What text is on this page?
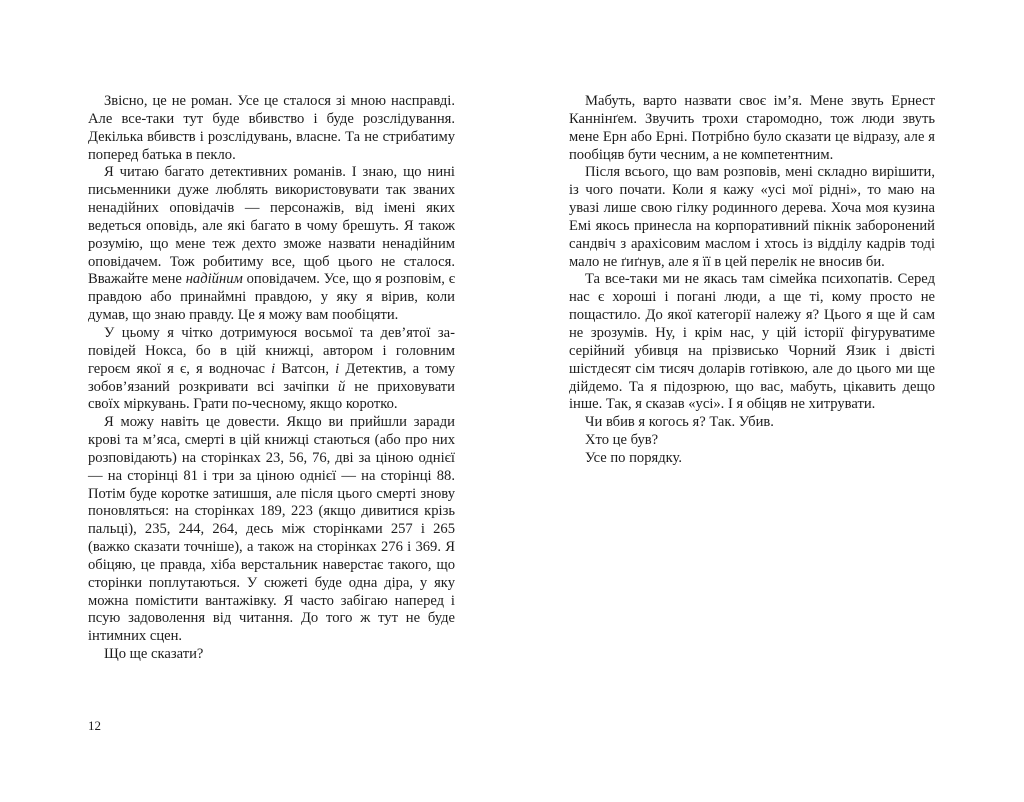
Звісно, це не роман. Усе це сталося зі мною насправді. Але все-таки тут буде вбивство і буде розслідування. Декілька вбивств і розслідувань, власне. Та не стрибатиму поперед батька в пекло.

Я читаю багато детективних романів. І знаю, що нині письменники дуже люблять використовувати так званих ненадійних оповідачів — персонажів, від імені яких ведеться оповідь, але які багато в чому брешуть. Я також розумію, що мене теж дехто зможе назвати ненадійним оповідачем. Тож робитиму все, щоб цього не сталося. Вважайте мене надійним оповідачем. Усе, що я розповім, є правдою або принаймні правдою, у яку я вірив, коли думав, що знаю правду. Це я можу вам пообіцяти.

У цьому я чітко дотримуюся восьмої та дев’ятої заповідей Нокса, бо в цій книжці, автором і головним героєм якої я є, я водночас і Ватсон, і Детектив, а тому зобов’язаний розкривати всі зачіпки й не приховувати своїх міркувань. Грати по-чесному, якщо коротко.

Я можу навіть це довести. Якщо ви прийшли заради крові та м’яса, смерті в цій книжці стаються (або про них розповідають) на сторінках 23, 56, 76, дві за ціною однієї — на сторінці 81 і три за ціною однієї — на сторінці 88. Потім буде коротке затишшя, але після цього смерті знову поновляться: на сторінках 189, 223 (якщо дивитися крізь пальці), 235, 244, 264, десь між сторінками 257 і 265 (важко сказати точніше), а також на сторінках 276 і 369. Я обіцяю, це правда, хіба верстальник наверстає такого, що сторінки поплутаються. У сюжеті буде одна діра, у яку можна помістити вантажівку. Я часто забігаю наперед і псую задоволення від читання. До того ж тут не буде інтимних сцен.

Що ще сказати?

12

Мабуть, варто назвати своє ім’я. Мене звуть Ернест Каннінґем. Звучить трохи старомодно, тож люди звуть мене Ерн або Ерні. Потрібно було сказати це відразу, але я пообіцяв бути чесним, а не компетентним.

Після всього, що вам розповів, мені складно вирішити, із чого почати. Коли я кажу «усі мої рідні», то маю на увазі лише свою гілку родинного дерева. Хоча моя кузина Емі якось принесла на корпоративний пікнік заборонений сандвіч з арахісовим маслом і хтось із відділу кадрів тоді мало не ґиґнув, але я її в цей перелік не вносив би.

Та все-таки ми не якась там сімейка психопатів. Серед нас є хороші і погані люди, а ще ті, кому просто не пощастило. До якої категорії належу я? Цього я ще й сам не зрозумів. Ну, і крім нас, у цій історії фігуруватиме серійний убивця на прізвисько Чорний Язик і двісті шістдесят сім тисяч доларів готівкою, але до цього ми ще дійдемо. Та я підозрюю, що вас, мабуть, цікавить дещо інше. Так, я сказав «усі». І я обіцяв не хитрувати.

Чи вбив я когось я? Так. Убив.

Хто це був?

Усе по порядку.
